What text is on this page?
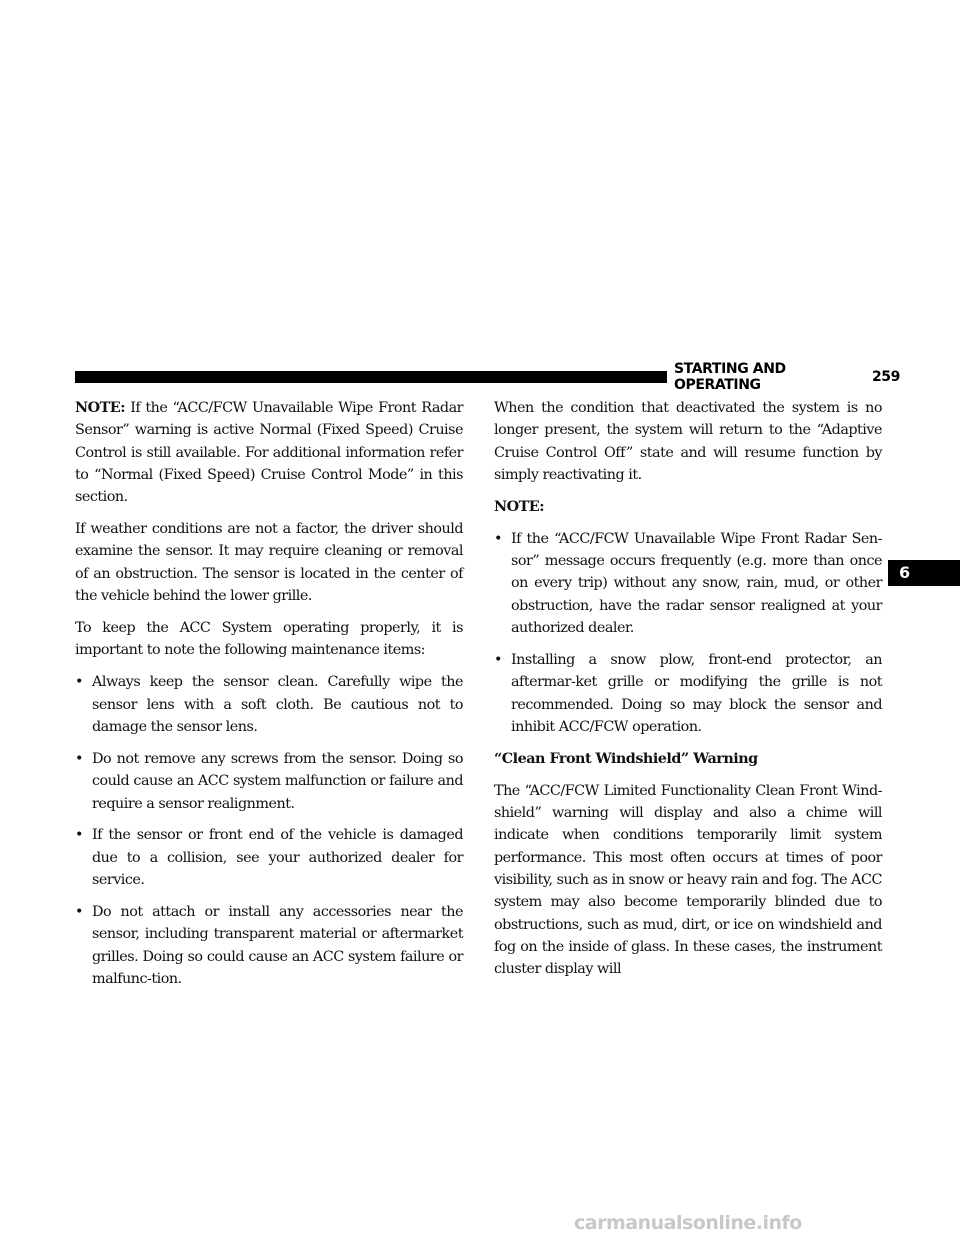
STARTING AND OPERATING	259
6

NOTE: If the “ACC/FCW Unavailable Wipe Front Radar Sensor” warning is active Normal (Fixed Speed) Cruise Control is still available. For additional information refer to “Normal (Fixed Speed) Cruise Control Mode” in this section.

If weather conditions are not a factor, the driver should examine the sensor. It may require cleaning or removal of an obstruction. The sensor is located in the center of the vehicle behind the lower grille.

To keep the ACC System operating properly, it is important to note the following maintenance items:

• Always keep the sensor clean. Carefully wipe the sensor lens with a soft cloth. Be cautious not to damage the sensor lens.
• Do not remove any screws from the sensor. Doing so could cause an ACC system malfunction or failure and require a sensor realignment.
• If the sensor or front end of the vehicle is damaged due to a collision, see your authorized dealer for service.
• Do not attach or install any accessories near the sensor, including transparent material or aftermarket grilles. Doing so could cause an ACC system failure or malfunc-tion.

When the condition that deactivated the system is no longer present, the system will return to the “Adaptive Cruise Control Off” state and will resume function by simply reactivating it.

NOTE:
• If the “ACC/FCW Unavailable Wipe Front Radar Sen-sor” message occurs frequently (e.g. more than once on every trip) without any snow, rain, mud, or other obstruction, have the radar sensor realigned at your authorized dealer.
• Installing a snow plow, front-end protector, an aftermar-ket grille or modifying the grille is not recommended. Doing so may block the sensor and inhibit ACC/FCW operation.
“Clean Front Windshield” Warning

The “ACC/FCW Limited Functionality Clean Front Wind-shield” warning will display and also a chime will indicate when conditions temporarily limit system performance. This most often occurs at times of poor visibility, such as in snow or heavy rain and fog. The ACC system may also become temporarily blinded due to obstructions, such as mud, dirt, or ice on windshield and fog on the inside of glass. In these cases, the instrument cluster display will

carmanualsonline.info
